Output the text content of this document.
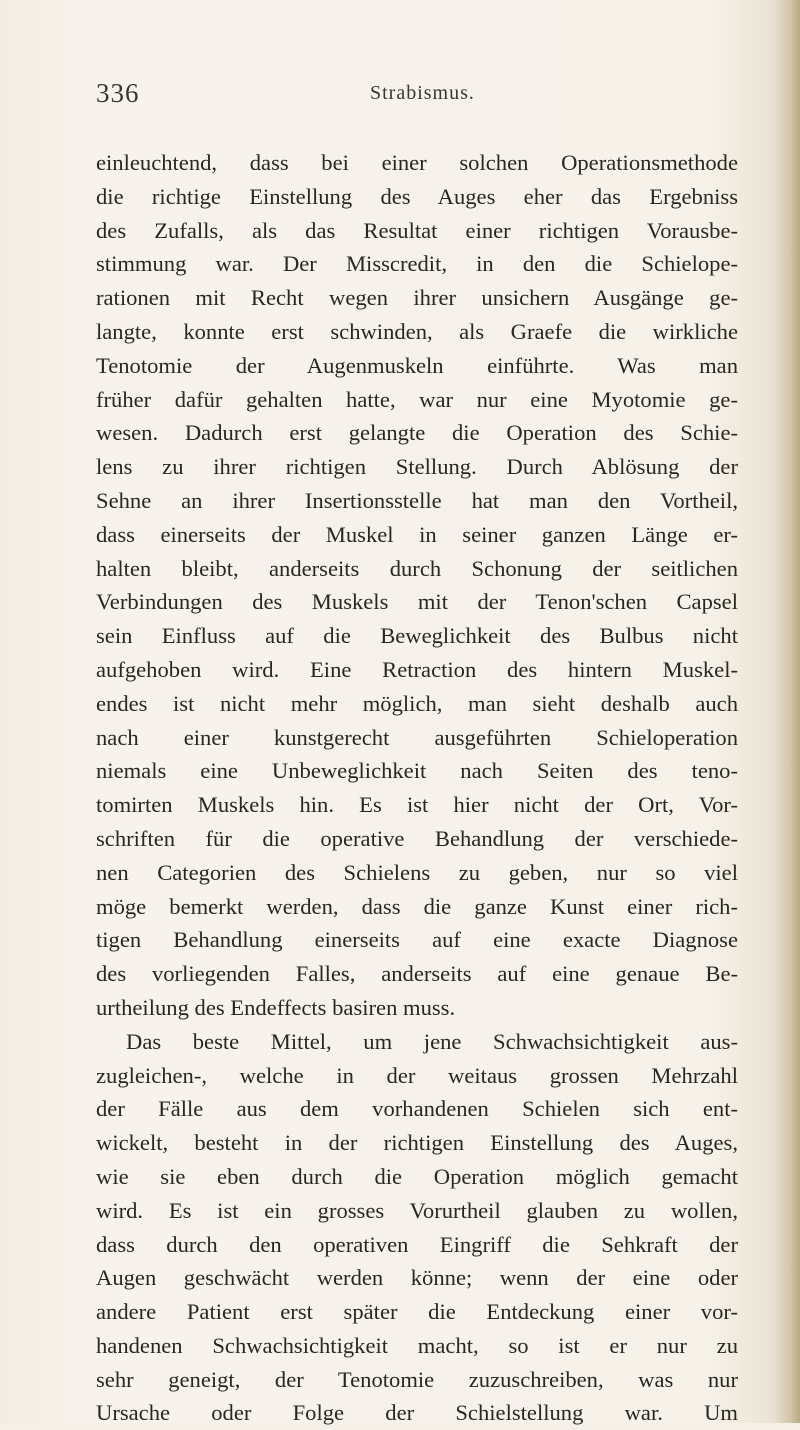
336	Strabismus.
einleuchtend, dass bei einer solchen Operationsmethode
die richtige Einstellung des Auges eher das Ergebniss
des Zufalls, als das Resultat einer richtigen Vorausbe-
stimmung war. Der Misscredit, in den die Schielope-
rationen mit Recht wegen ihrer unsichern Ausgänge ge-
langte, konnte erst schwinden, als Graefe die wirkliche
Tenotomie der Augenmuskeln einführte. Was man
früher dafür gehalten hatte, war nur eine Myotomie ge-
wesen. Dadurch erst gelangte die Operation des Schie-
lens zu ihrer richtigen Stellung. Durch Ablösung der
Sehne an ihrer Insertionsstelle hat man den Vortheil,
dass einerseits der Muskel in seiner ganzen Länge er-
halten bleibt, anderseits durch Schonung der seitlichen
Verbindungen des Muskels mit der Tenon'schen Capsel
sein Einfluss auf die Beweglichkeit des Bulbus nicht
aufgehoben wird. Eine Retraction des hintern Muskel-
endes ist nicht mehr möglich, man sieht deshalb auch
nach einer kunstgerecht ausgeführten Schieloperation
niemals eine Unbeweglichkeit nach Seiten des teno-
tomirten Muskels hin. Es ist hier nicht der Ort, Vor-
schriften für die operative Behandlung der verschiede-
nen Categorien des Schielens zu geben, nur so viel
möge bemerkt werden, dass die ganze Kunst einer rich-
tigen Behandlung einerseits auf eine exacte Diagnose
des vorliegenden Falles, anderseits auf eine genaue Be-
urtheilung des Endeffects basiren muss.
Das beste Mittel, um jene Schwachsichtigkeit aus-
zugleichen-, welche in der weitaus grossen Mehrzahl
der Fälle aus dem vorhandenen Schielen sich ent-
wickelt, besteht in der richtigen Einstellung des Auges,
wie sie eben durch die Operation möglich gemacht
wird. Es ist ein grosses Vorurtheil glauben zu wollen,
dass durch den operativen Eingriff die Sehkraft der
Augen geschwächt werden könne; wenn der eine oder
andere Patient erst später die Entdeckung einer vor-
handenen Schwachsichtigkeit macht, so ist er nur zu
sehr geneigt, der Tenotomie zuzuschreiben, was nur
Ursache oder Folge der Schielstellung war. Um
